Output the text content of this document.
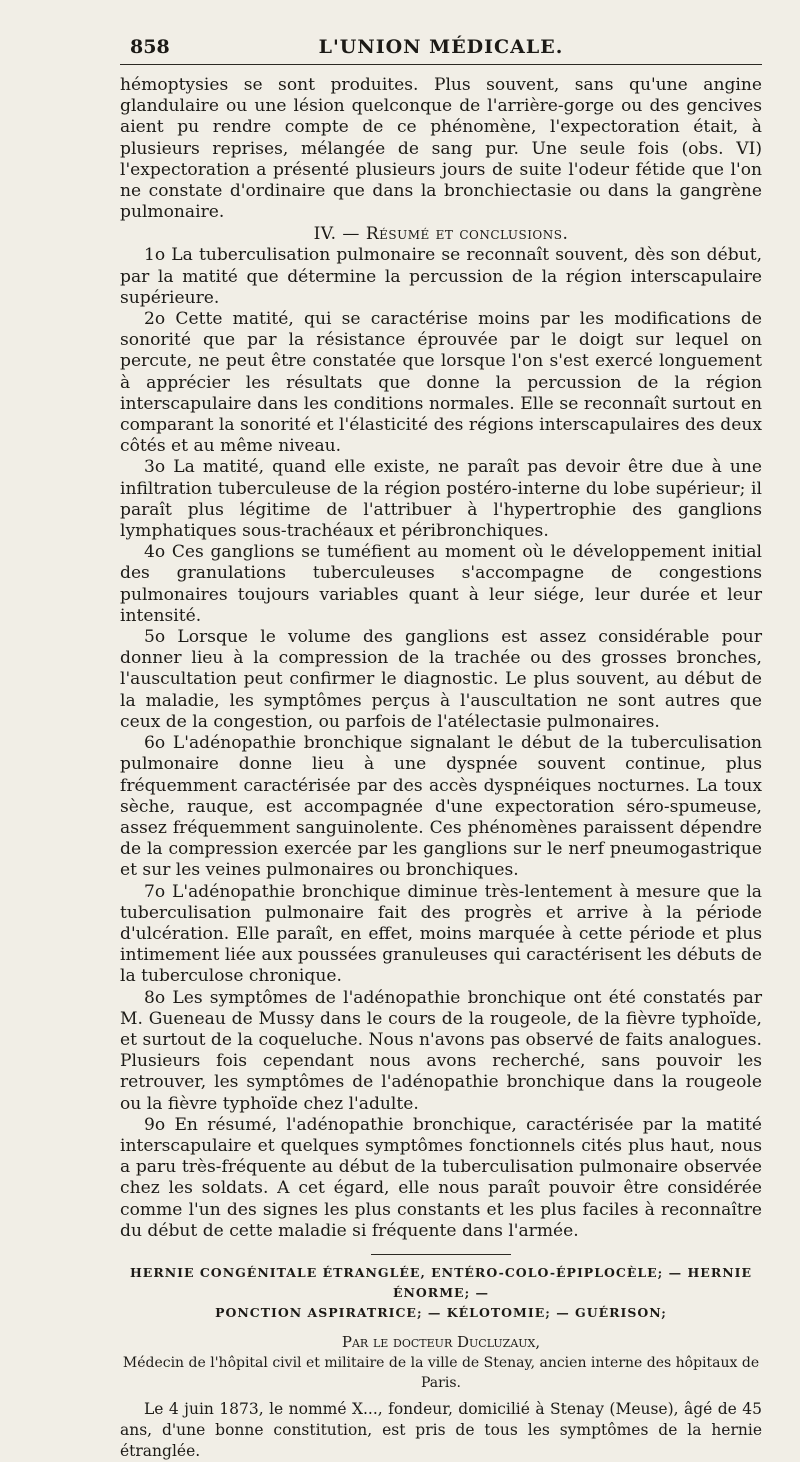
858	L'UNION MÉDICALE.

hémoptysies se sont produites. Plus souvent, sans qu'une angine glandulaire ou une lésion quelconque de l'arrière-gorge ou des gencives aient pu rendre compte de ce phénomène, l'expectoration était, à plusieurs reprises, mélangée de sang pur. Une seule fois (obs. VI) l'expectoration a présenté plusieurs jours de suite l'odeur fétide que l'on ne constate d'ordinaire que dans la bronchiectasie ou dans la gangrène pulmonaire.

IV. — Résumé et conclusions.

1o La tuberculisation pulmonaire se reconnaît souvent, dès son début, par la matité que détermine la percussion de la région interscapulaire supérieure.

2o Cette matité, qui se caractérise moins par les modifications de sonorité que par la résistance éprouvée par le doigt sur lequel on percute, ne peut être constatée que lorsque l'on s'est exercé longuement à apprécier les résultats que donne la percussion de la région interscapulaire dans les conditions normales. Elle se reconnaît surtout en comparant la sonorité et l'élasticité des régions interscapulaires des deux côtés et au même niveau.

3o La matité, quand elle existe, ne paraît pas devoir être due à une infiltration tuberculeuse de la région postéro-interne du lobe supérieur; il paraît plus légitime de l'attribuer à l'hypertrophie des ganglions lymphatiques sous-trachéaux et péribronchiques.

4o Ces ganglions se tuméfient au moment où le développement initial des granulations tuberculeuses s'accompagne de congestions pulmonaires toujours variables quant à leur siége, leur durée et leur intensité.

5o Lorsque le volume des ganglions est assez considérable pour donner lieu à la compression de la trachée ou des grosses bronches, l'auscultation peut confirmer le diagnostic. Le plus souvent, au début de la maladie, les symptômes perçus à l'auscultation ne sont autres que ceux de la congestion, ou parfois de l'atélectasie pulmonaires.

6o L'adénopathie bronchique signalant le début de la tuberculisation pulmonaire donne lieu à une dyspnée souvent continue, plus fréquemment caractérisée par des accès dyspnéiques nocturnes. La toux sèche, rauque, est accompagnée d'une expectoration séro-spumeuse, assez fréquemment sanguinolente. Ces phénomènes paraissent dépendre de la compression exercée par les ganglions sur le nerf pneumogastrique et sur les veines pulmonaires ou bronchiques.

7o L'adénopathie bronchique diminue très-lentement à mesure que la tuberculisation pulmonaire fait des progrès et arrive à la période d'ulcération. Elle paraît, en effet, moins marquée à cette période et plus intimement liée aux poussées granuleuses qui caractérisent les débuts de la tuberculose chronique.

8o Les symptômes de l'adénopathie bronchique ont été constatés par M. Gueneau de Mussy dans le cours de la rougeole, de la fièvre typhoïde, et surtout de la coqueluche. Nous n'avons pas observé de faits analogues. Plusieurs fois cependant nous avons recherché, sans pouvoir les retrouver, les symptômes de l'adénopathie bronchique dans la rougeole ou la fièvre typhoïde chez l'adulte.

9o En résumé, l'adénopathie bronchique, caractérisée par la matité interscapulaire et quelques symptômes fonctionnels cités plus haut, nous a paru très-fréquente au début de la tuberculisation pulmonaire observée chez les soldats. A cet égard, elle nous paraît pouvoir être considérée comme l'un des signes les plus constants et les plus faciles à reconnaître du début de cette maladie si fréquente dans l'armée.

HERNIE CONGÉNITALE ÉTRANGLÉE, ENTÉRO-COLO-ÉPIPLOCÈLE; — HERNIE ÉNORME; —

PONCTION ASPIRATRICE; — KÉLOTOMIE; — GUÉRISON;

Par le docteur Ducluzaux,
Médecin de l'hôpital civil et militaire de la ville de Stenay, ancien interne des hôpitaux de Paris.

Le 4 juin 1873, le nommé X..., fondeur, domicilié à Stenay (Meuse), âgé de 45 ans, d'une bonne constitution, est pris de tous les symptômes de la hernie étranglée.
